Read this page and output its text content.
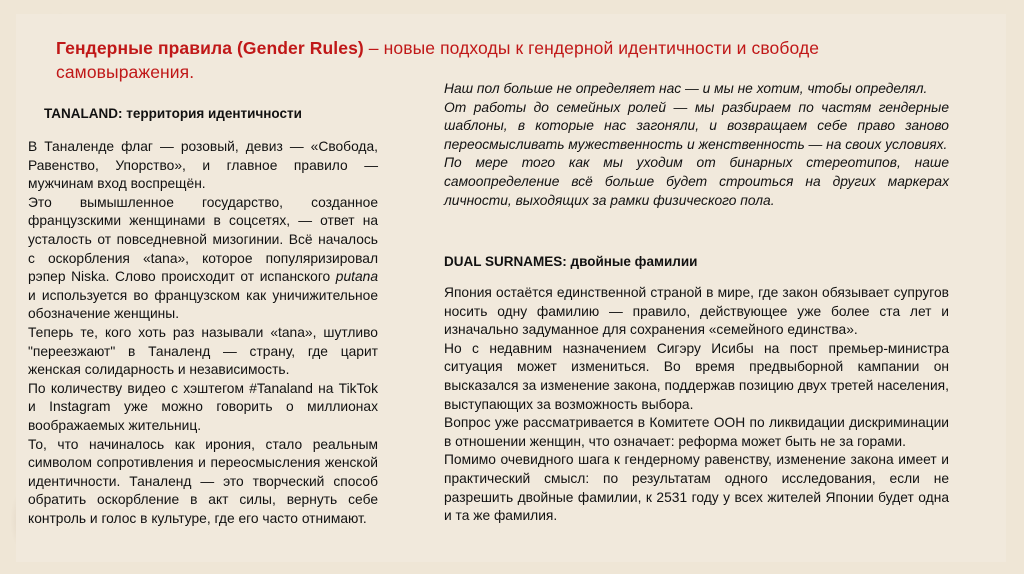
Гендерные правила (Gender Rules) – новые подходы к гендерной идентичности и свободе самовыражения.
TANALAND: территория идентичности

В Таналенде флаг — розовый, девиз — «Свобода, Равенство, Упорство», и главное правило — мужчинам вход воспрещён.

Это вымышленное государство, созданное французскими женщинами в соцсетях, — ответ на усталость от повседневной мизогинии. Всё началось с оскорбления «tana», которое популяризировал рэпер Niska. Слово происходит от испанского putana и используется во французском как уничижительное обозначение женщины.

Теперь те, кого хоть раз называли «tana», шутливо "переезжают" в Таналенд — страну, где царит женская солидарность и независимость.

По количеству видео с хэштегом #Tanaland на TikTok и Instagram уже можно говорить о миллионах воображаемых жительниц.

То, что начиналось как ирония, стало реальным символом сопротивления и переосмысления женской идентичности. Таналенд — это творческий способ обратить оскорбление в акт силы, вернуть себе контроль и голос в культуре, где его часто отнимают.

Наш пол больше не определяет нас — и мы не хотим, чтобы определял.

От работы до семейных ролей — мы разбираем по частям гендерные шаблоны, в которые нас загоняли, и возвращаем себе право заново переосмысливать мужественность и женственность — на своих условиях.

По мере того как мы уходим от бинарных стереотипов, наше самоопределение всё больше будет строиться на других маркерах личности, выходящих за рамки физического пола.

DUAL SURNAMES: двойные фамилии

Япония остаётся единственной страной в мире, где закон обязывает супругов носить одну фамилию — правило, действующее уже более ста лет и изначально задуманное для сохранения «семейного единства».

Но с недавним назначением Сигэру Исибы на пост премьер-министра ситуация может измениться. Во время предвыборной кампании он высказался за изменение закона, поддержав позицию двух третей населения, выступающих за возможность выбора.

Вопрос уже рассматривается в Комитете ООН по ликвидации дискриминации в отношении женщин, что означает: реформа может быть не за горами.

Помимо очевидного шага к гендерному равенству, изменение закона имеет и практический смысл: по результатам одного исследования, если не разрешить двойные фамилии, к 2531 году у всех жителей Японии будет одна и та же фамилия.
